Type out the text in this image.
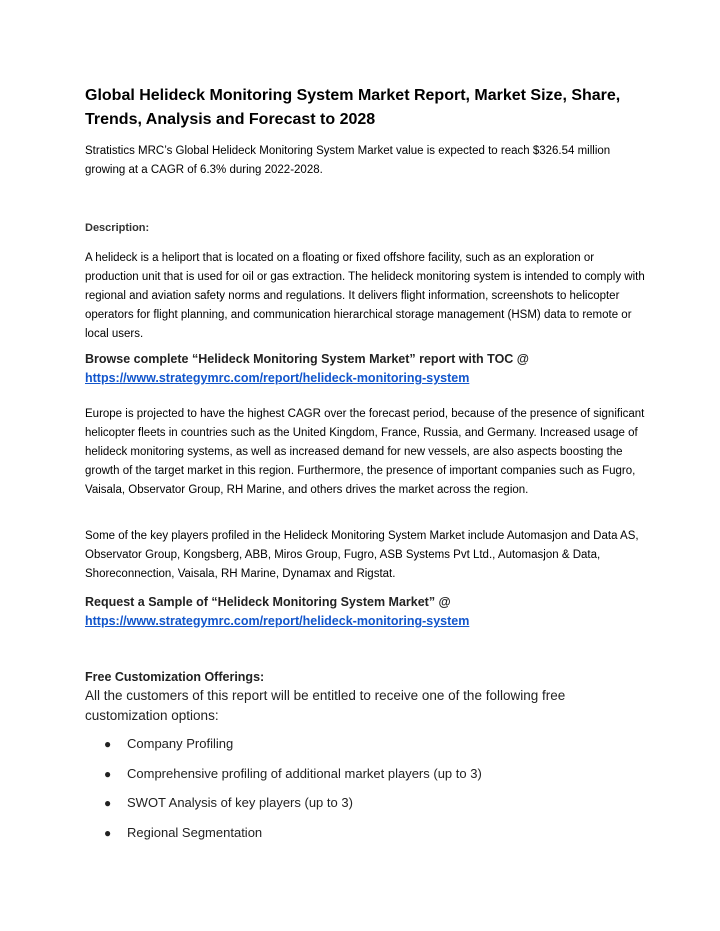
Global Helideck Monitoring System Market Report, Market Size, Share, Trends, Analysis and Forecast to 2028

Stratistics MRC’s Global Helideck Monitoring System Market value is expected to reach $326.54 million growing at a CAGR of 6.3% during 2022-2028.

Description:

A helideck is a heliport that is located on a floating or fixed offshore facility, such as an exploration or production unit that is used for oil or gas extraction. The helideck monitoring system is intended to comply with regional and aviation safety norms and regulations. It delivers flight information, screenshots to helicopter operators for flight planning, and communication hierarchical storage management (HSM) data to remote or local users.

Browse complete “Helideck Monitoring System Market” report with TOC @
https://www.strategymrc.com/report/helideck-monitoring-system

Europe is projected to have the highest CAGR over the forecast period, because of the presence of significant helicopter fleets in countries such as the United Kingdom, France, Russia, and Germany. Increased usage of helideck monitoring systems, as well as increased demand for new vessels, are also aspects boosting the growth of the target market in this region. Furthermore, the presence of important companies such as Fugro, Vaisala, Observator Group, RH Marine, and others drives the market across the region.

Some of the key players profiled in the Helideck Monitoring System Market include Automasjon and Data AS, Observator Group, Kongsberg, ABB, Miros Group, Fugro, ASB Systems Pvt Ltd., Automasjon & Data, Shoreconnection, Vaisala, RH Marine, Dynamax and Rigstat.

Request a Sample of “Helideck Monitoring System Market” @
https://www.strategymrc.com/report/helideck-monitoring-system
Free Customization Offerings:
All the customers of this report will be entitled to receive one of the following free customization options:
● Company Profiling
● Comprehensive profiling of additional market players (up to 3)
● SWOT Analysis of key players (up to 3)
● Regional Segmentation
